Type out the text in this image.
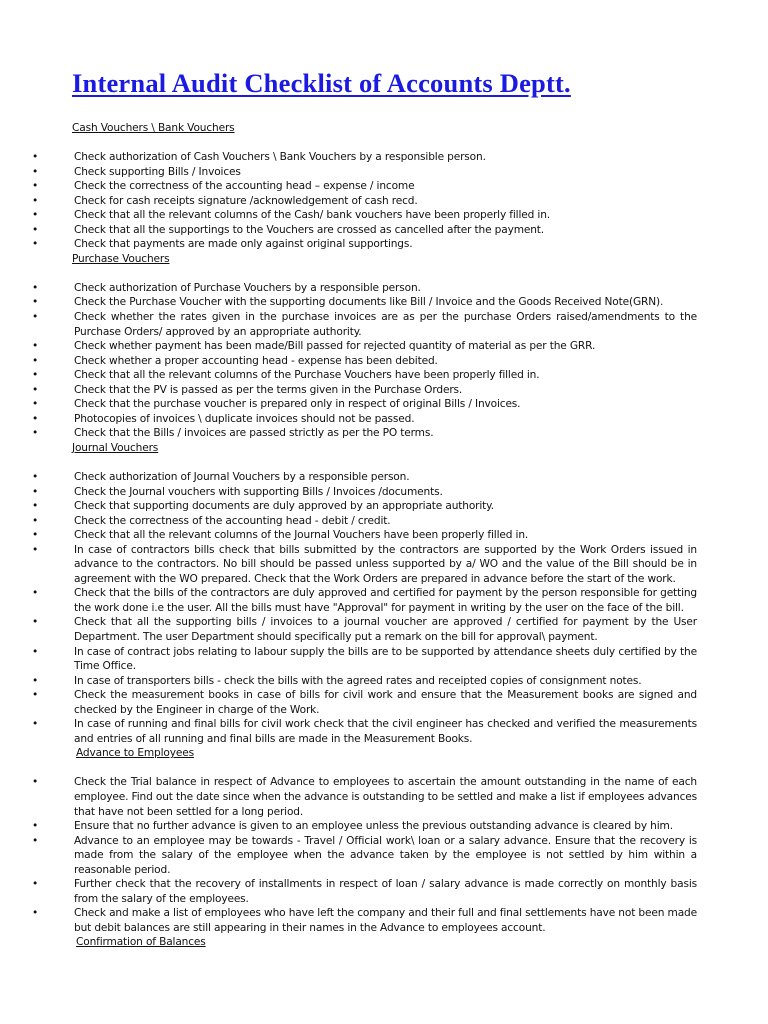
Internal Audit Checklist of Accounts Deptt.
Cash Vouchers \ Bank Vouchers
•	Check authorization of Cash Vouchers \ Bank Vouchers by a responsible person.
•	Check supporting Bills / Invoices
•	Check the correctness of the accounting head – expense / income
•	Check for cash receipts signature /acknowledgement of cash recd.
•	Check that all the relevant columns of the Cash/ bank vouchers have been properly filled in.
•	Check that all the supportings to the Vouchers are crossed as cancelled after the payment.
•	Check that payments are made only against original supportings.
Purchase Vouchers
•	Check authorization of Purchase Vouchers by a responsible person.
•	Check the Purchase Voucher with the supporting documents like Bill / Invoice and the Goods Received Note(GRN).
•	Check whether the rates given in the purchase invoices are as per the purchase Orders raised/amendments to the Purchase Orders/ approved by an appropriate authority.
•	Check whether payment has been made/Bill passed for rejected quantity of material as per the GRR.
•	Check whether a proper accounting head - expense has been debited.
•	Check that all the relevant columns of the Purchase Vouchers have been properly filled in.
•	Check that the PV is passed as per the terms given in the Purchase Orders.
•	Check that the purchase voucher is prepared only in respect of original Bills / Invoices.
•	Photocopies of invoices \ duplicate invoices should not be passed.
•	Check that the Bills / invoices are passed strictly as per the PO terms.
Journal Vouchers
•	Check authorization of Journal Vouchers by a responsible person.
•	Check the Journal vouchers with supporting Bills / Invoices /documents.
•	Check that supporting documents are duly approved by an appropriate authority.
•	Check the correctness of the accounting head - debit / credit.
•	Check that all the relevant columns of the Journal Vouchers have been properly filled in.
•	In case of contractors bills check that bills submitted by the contractors are supported by the Work Orders issued in advance to the contractors. No bill should be passed unless supported by a/ WO and the value of the Bill should be in agreement with the WO prepared. Check that the Work Orders are prepared in advance before the start of the work.
•	Check that the bills of the contractors are duly approved and certified for payment by the person responsible for getting the work done i.e the user. All the bills must have "Approval" for payment in writing by the user on the face of the bill.
•	Check that all the supporting bills / invoices to a journal voucher are approved / certified for payment by the User Department. The user Department should specifically put a remark on the bill for approval\ payment.
•	In case of contract jobs relating to labour supply the bills are to be supported by attendance sheets duly certified by the Time Office.
•	In case of transporters bills - check the bills with the agreed rates and receipted copies of consignment notes.
•	Check the measurement books in case of bills for civil work and ensure that the Measurement books are signed and checked by the Engineer in charge of the Work.
•	In case of running and final bills for civil work check that the civil engineer has checked and verified the measurements and entries of all running and final bills are made in the Measurement Books.
Advance to Employees
•	Check the Trial balance in respect of Advance to employees to ascertain the amount outstanding in the name of each employee. Find out the date since when the advance is outstanding to be settled and make a list if employees advances that have not been settled for a long period.
•	Ensure that no further advance is given to an employee unless the previous outstanding advance is cleared by him.
•	Advance to an employee may be towards - Travel / Official work\ loan or a salary advance. Ensure that the recovery is made from the salary of the employee when the advance taken by the employee is not settled by him within a reasonable period.
•	Further check that the recovery of installments in respect of loan / salary advance is made correctly on monthly basis from the salary of the employees.
•	Check and make a list of employees who have left the company and their full and final settlements have not been made but debit balances are still appearing in their names in the Advance to employees account.
Confirmation of Balances
